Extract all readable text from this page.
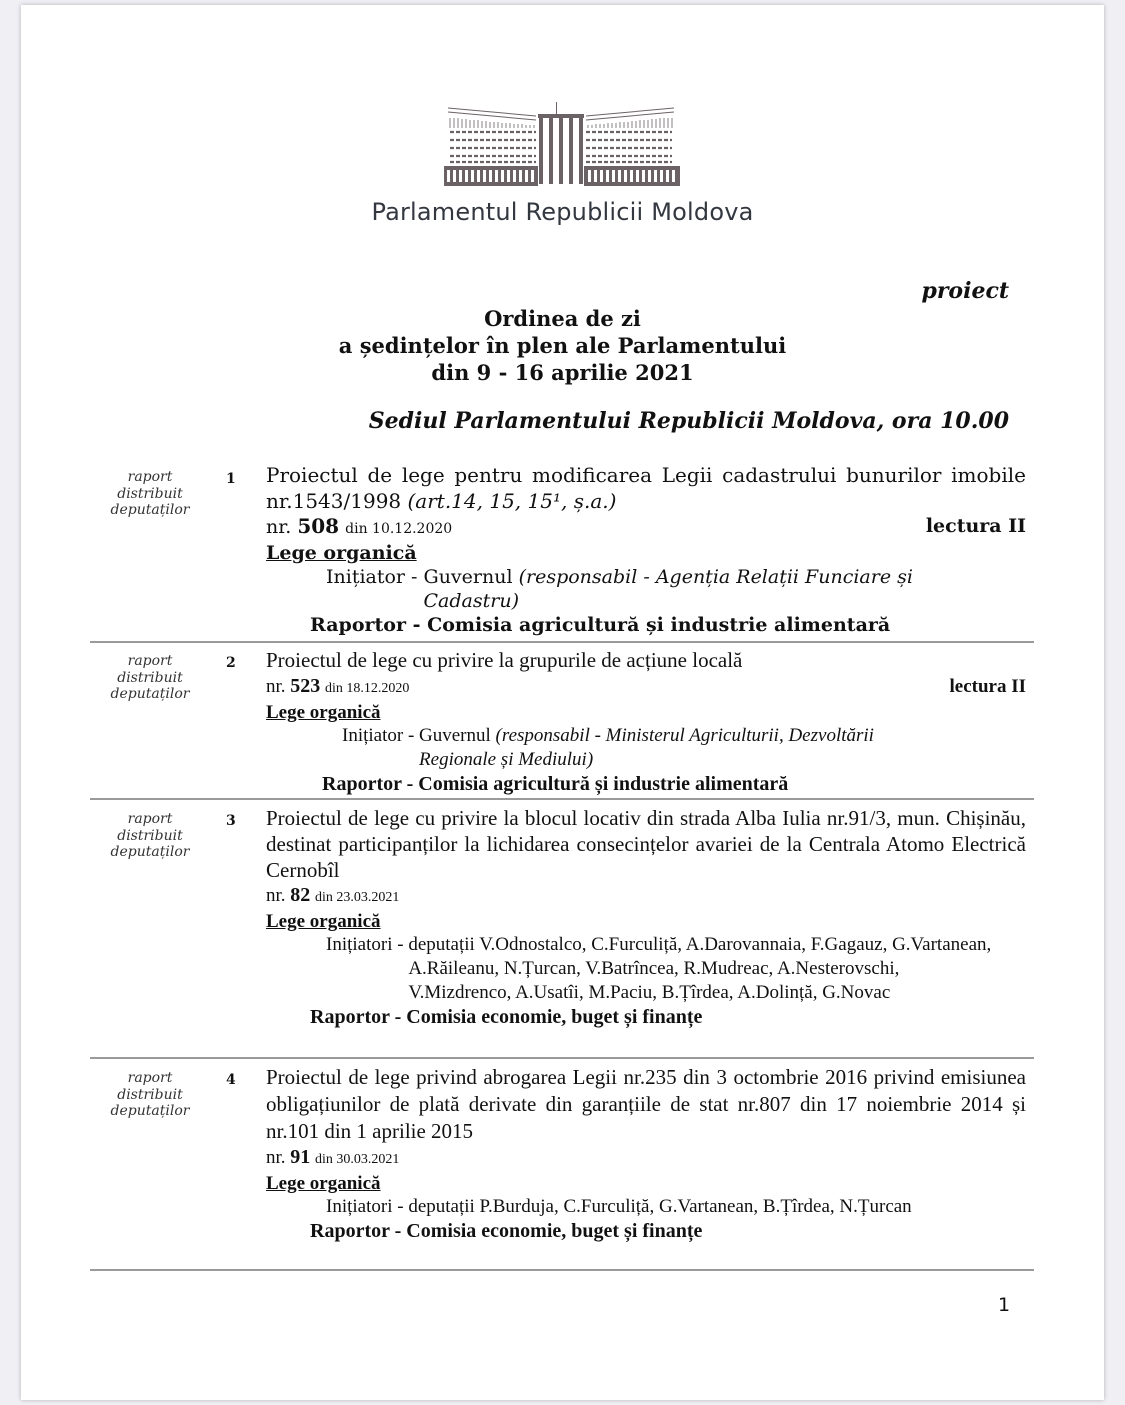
Parlamentul Republicii Moldova
proiect
Ordinea de zi
a ședințelor în plen ale Parlamentului
din 9 - 16 aprilie 2021
Sediul Parlamentului Republicii Moldova, ora 10.00
raport
distribuit
deputaților
1 Proiectul de lege pentru modificarea Legii cadastrului bunurilor imobile nr.1543/1998 (art.14, 15, 15¹, ș.a.)
nr. 508 din 10.12.2020	lectura II
Lege organică
Inițiator - Guvernul (responsabil - Agenția Relații Funciare și Cadastru)
Raportor - Comisia agricultură și industrie alimentară
raport
distribuit
deputaților
2 Proiectul de lege cu privire la grupurile de acțiune locală
nr. 523 din 18.12.2020	lectura II
Lege organică
Inițiator - Guvernul (responsabil - Ministerul Agriculturii, Dezvoltării Regionale și Mediului)
Raportor - Comisia agricultură și industrie alimentară
raport
distribuit
deputaților
3 Proiectul de lege cu privire la blocul locativ din strada Alba Iulia nr.91/3, mun. Chișinău, destinat participanților la lichidarea consecințelor avariei de la Centrala Atomo Electrică Cernobîl
nr. 82 din 23.03.2021
Lege organică
Inițiatori - deputații V.Odnostalco, C.Furculiță, A.Darovannaia, F.Gagauz, G.Vartanean, A.Răileanu, N.Țurcan, V.Batrîncea, R.Mudreac, A.Nesterovschi, V.Mizdrenco, A.Usatîi, M.Paciu, B.Țîrdea, A.Dolință, G.Novac
Raportor - Comisia economie, buget și finanțe
raport
distribuit
deputaților
4 Proiectul de lege privind abrogarea Legii nr.235 din 3 octombrie 2016 privind emisiunea obligațiunilor de plată derivate din garanțiile de stat nr.807 din 17 noiembrie 2014 și nr.101 din 1 aprilie 2015
nr. 91 din 30.03.2021
Lege organică
Inițiatori - deputații P.Burduja, C.Furculiță, G.Vartanean, B.Țîrdea, N.Țurcan
Raportor - Comisia economie, buget și finanțe
1
